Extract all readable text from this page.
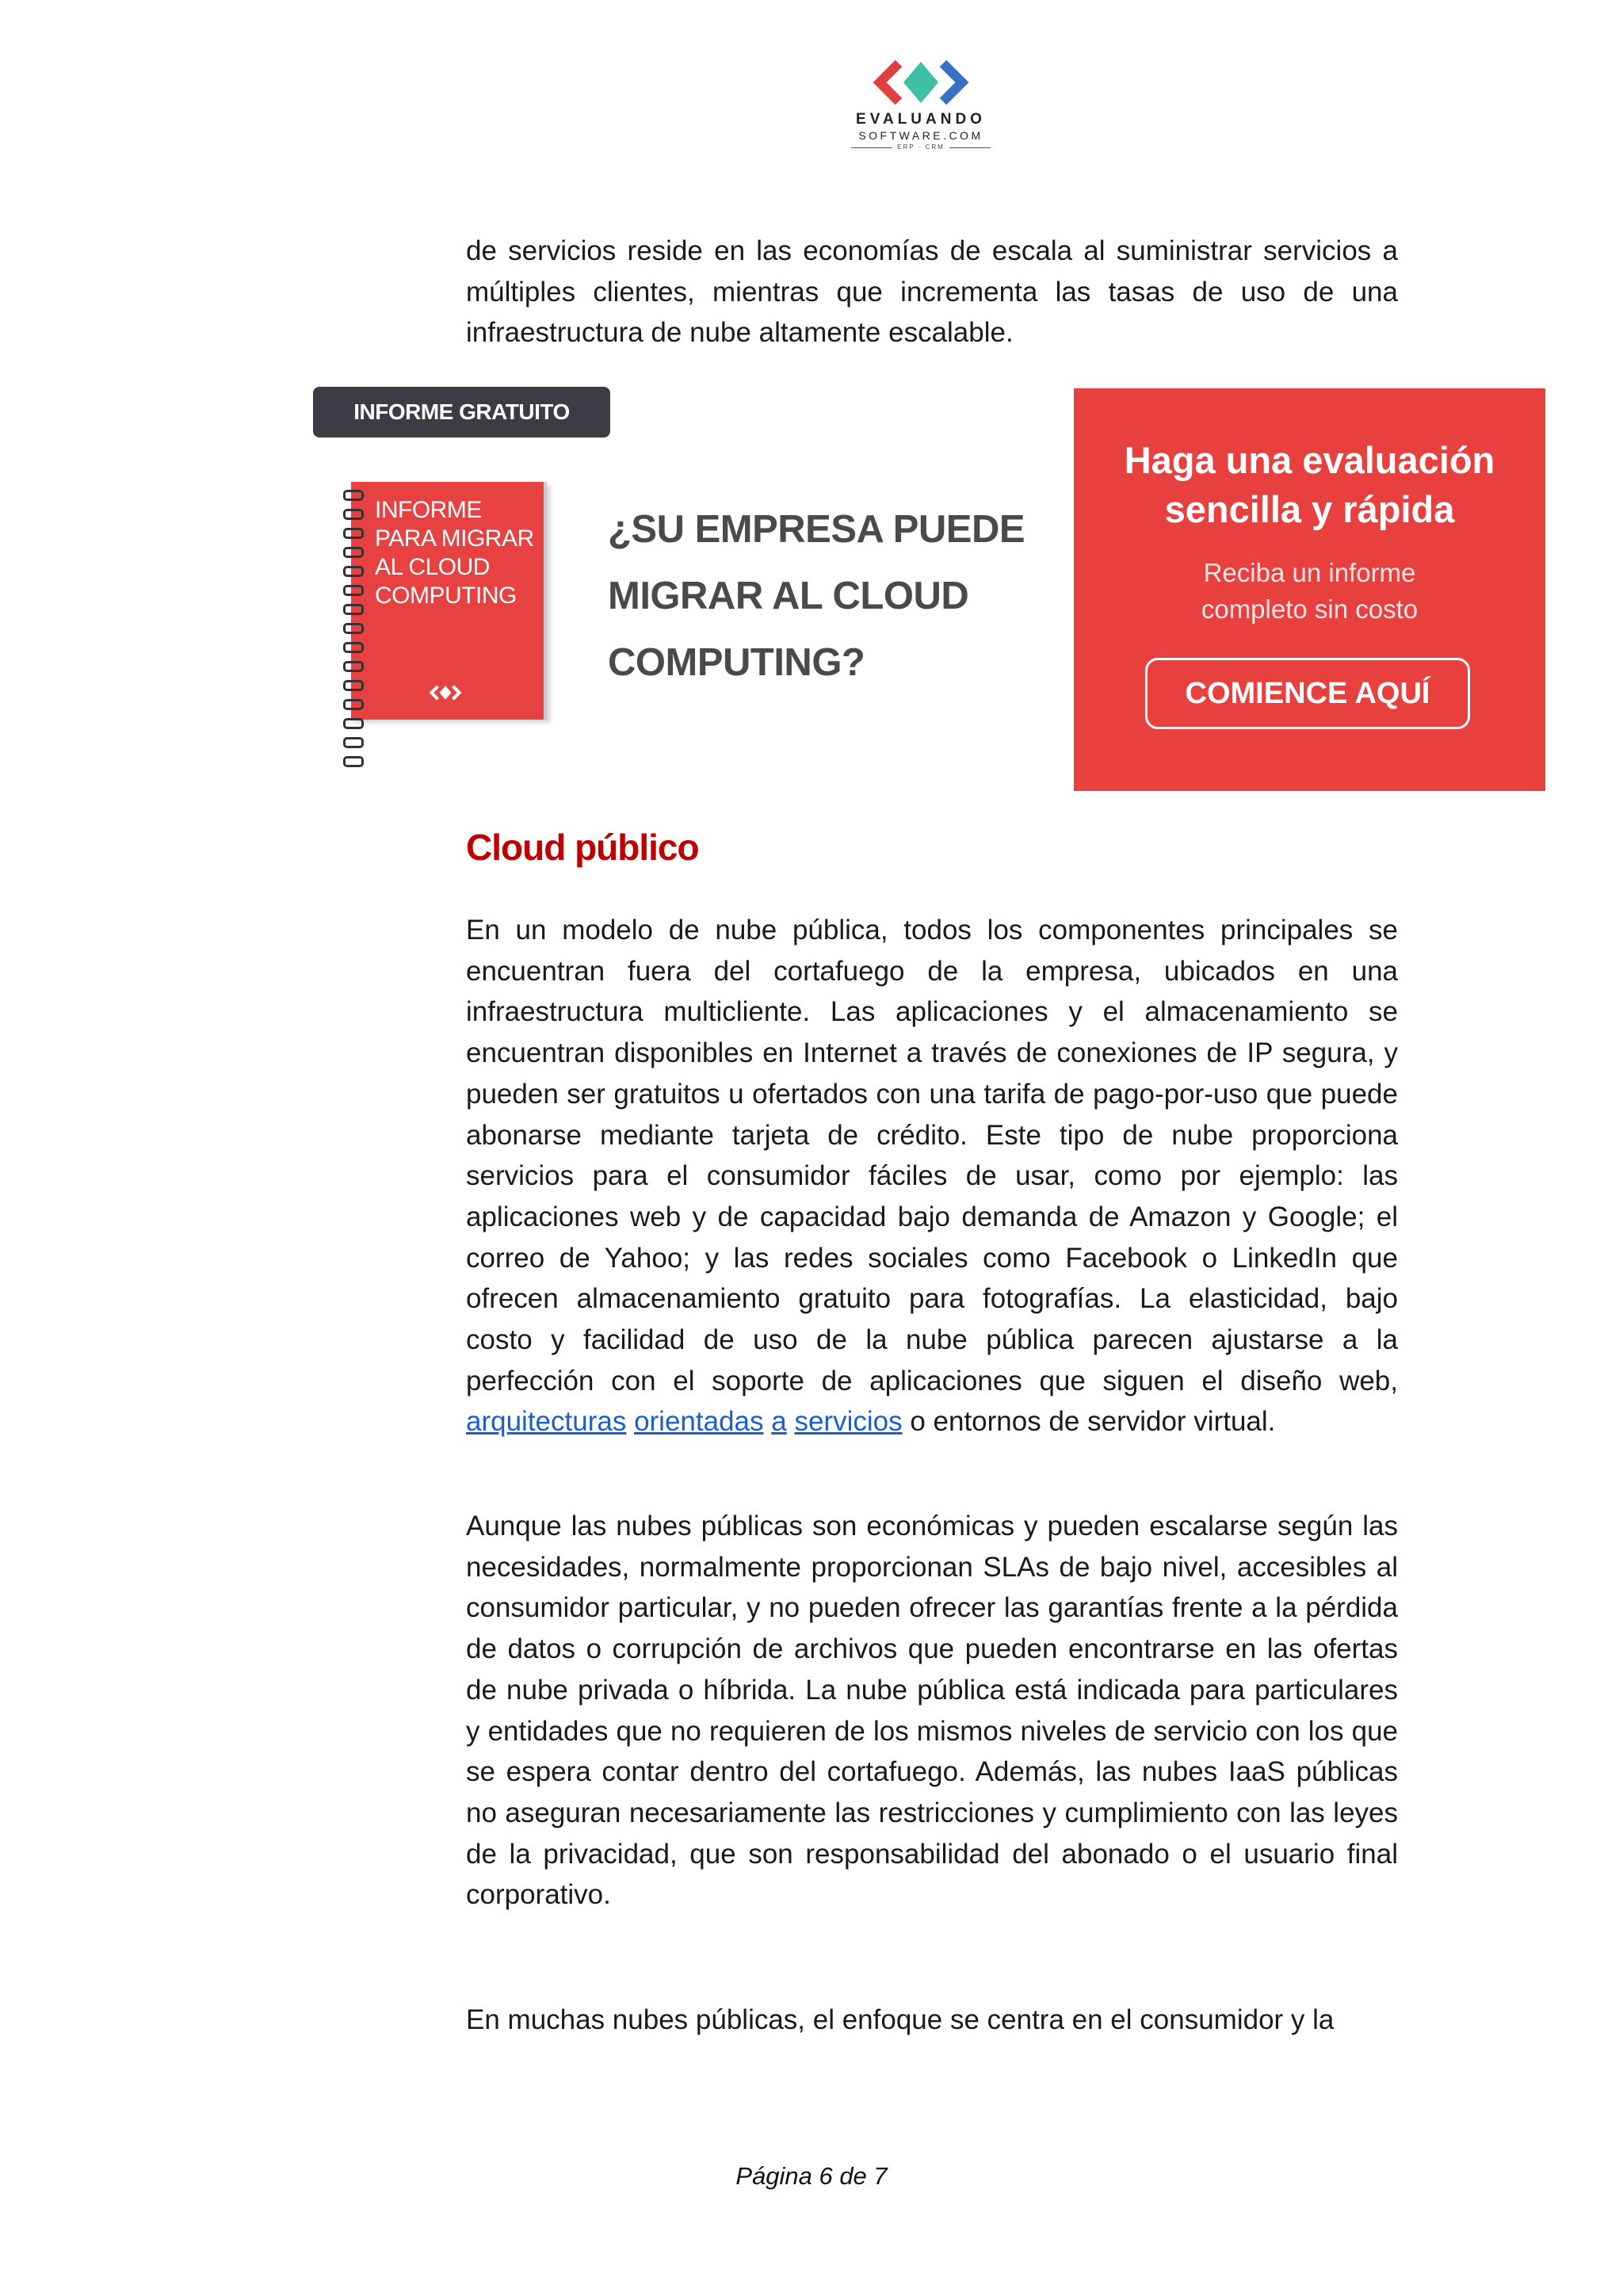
EVALUANDO
SOFTWARE.COM
ERP · CRM

de servicios reside en las economías de escala al suministrar servicios a múltiples clientes, mientras que incrementa las tasas de uso de una infraestructura de nube altamente escalable.

INFORME GRATUITO
INFORME PARA MIGRAR AL CLOUD COMPUTING
¿SU EMPRESA PUEDE
MIGRAR AL CLOUD
COMPUTING?
Haga una evaluación
sencilla y rápida
Reciba un informe
completo sin costo
COMIENCE AQUÍ
Cloud público

En un modelo de nube pública, todos los componentes principales se encuentran fuera del cortafuego de la empresa, ubicados en una infraestructura multicliente. Las aplicaciones y el almacenamiento se encuentran disponibles en Internet a través de conexiones de IP segura, y pueden ser gratuitos u ofertados con una tarifa de pago-por-uso que puede abonarse mediante tarjeta de crédito. Este tipo de nube proporciona servicios para el consumidor fáciles de usar, como por ejemplo: las aplicaciones web y de capacidad bajo demanda de Amazon y Google; el correo de Yahoo; y las redes sociales como Facebook o LinkedIn que ofrecen almacenamiento gratuito para fotografías. La elasticidad, bajo costo y facilidad de uso de la nube pública parecen ajustarse a la perfección con el soporte de aplicaciones que siguen el diseño web, arquitecturas orientadas a servicios o entornos de servidor virtual.

Aunque las nubes públicas son económicas y pueden escalarse según las necesidades, normalmente proporcionan SLAs de bajo nivel, accesibles al consumidor particular, y no pueden ofrecer las garantías frente a la pérdida de datos o corrupción de archivos que pueden encontrarse en las ofertas de nube privada o híbrida. La nube pública está indicada para particulares y entidades que no requieren de los mismos niveles de servicio con los que se espera contar dentro del cortafuego. Además, las nubes IaaS públicas no aseguran necesariamente las restricciones y cumplimiento con las leyes de la privacidad, que son responsabilidad del abonado o el usuario final corporativo.

En muchas nubes públicas, el enfoque se centra en el consumidor y la

Página 6 de 7
